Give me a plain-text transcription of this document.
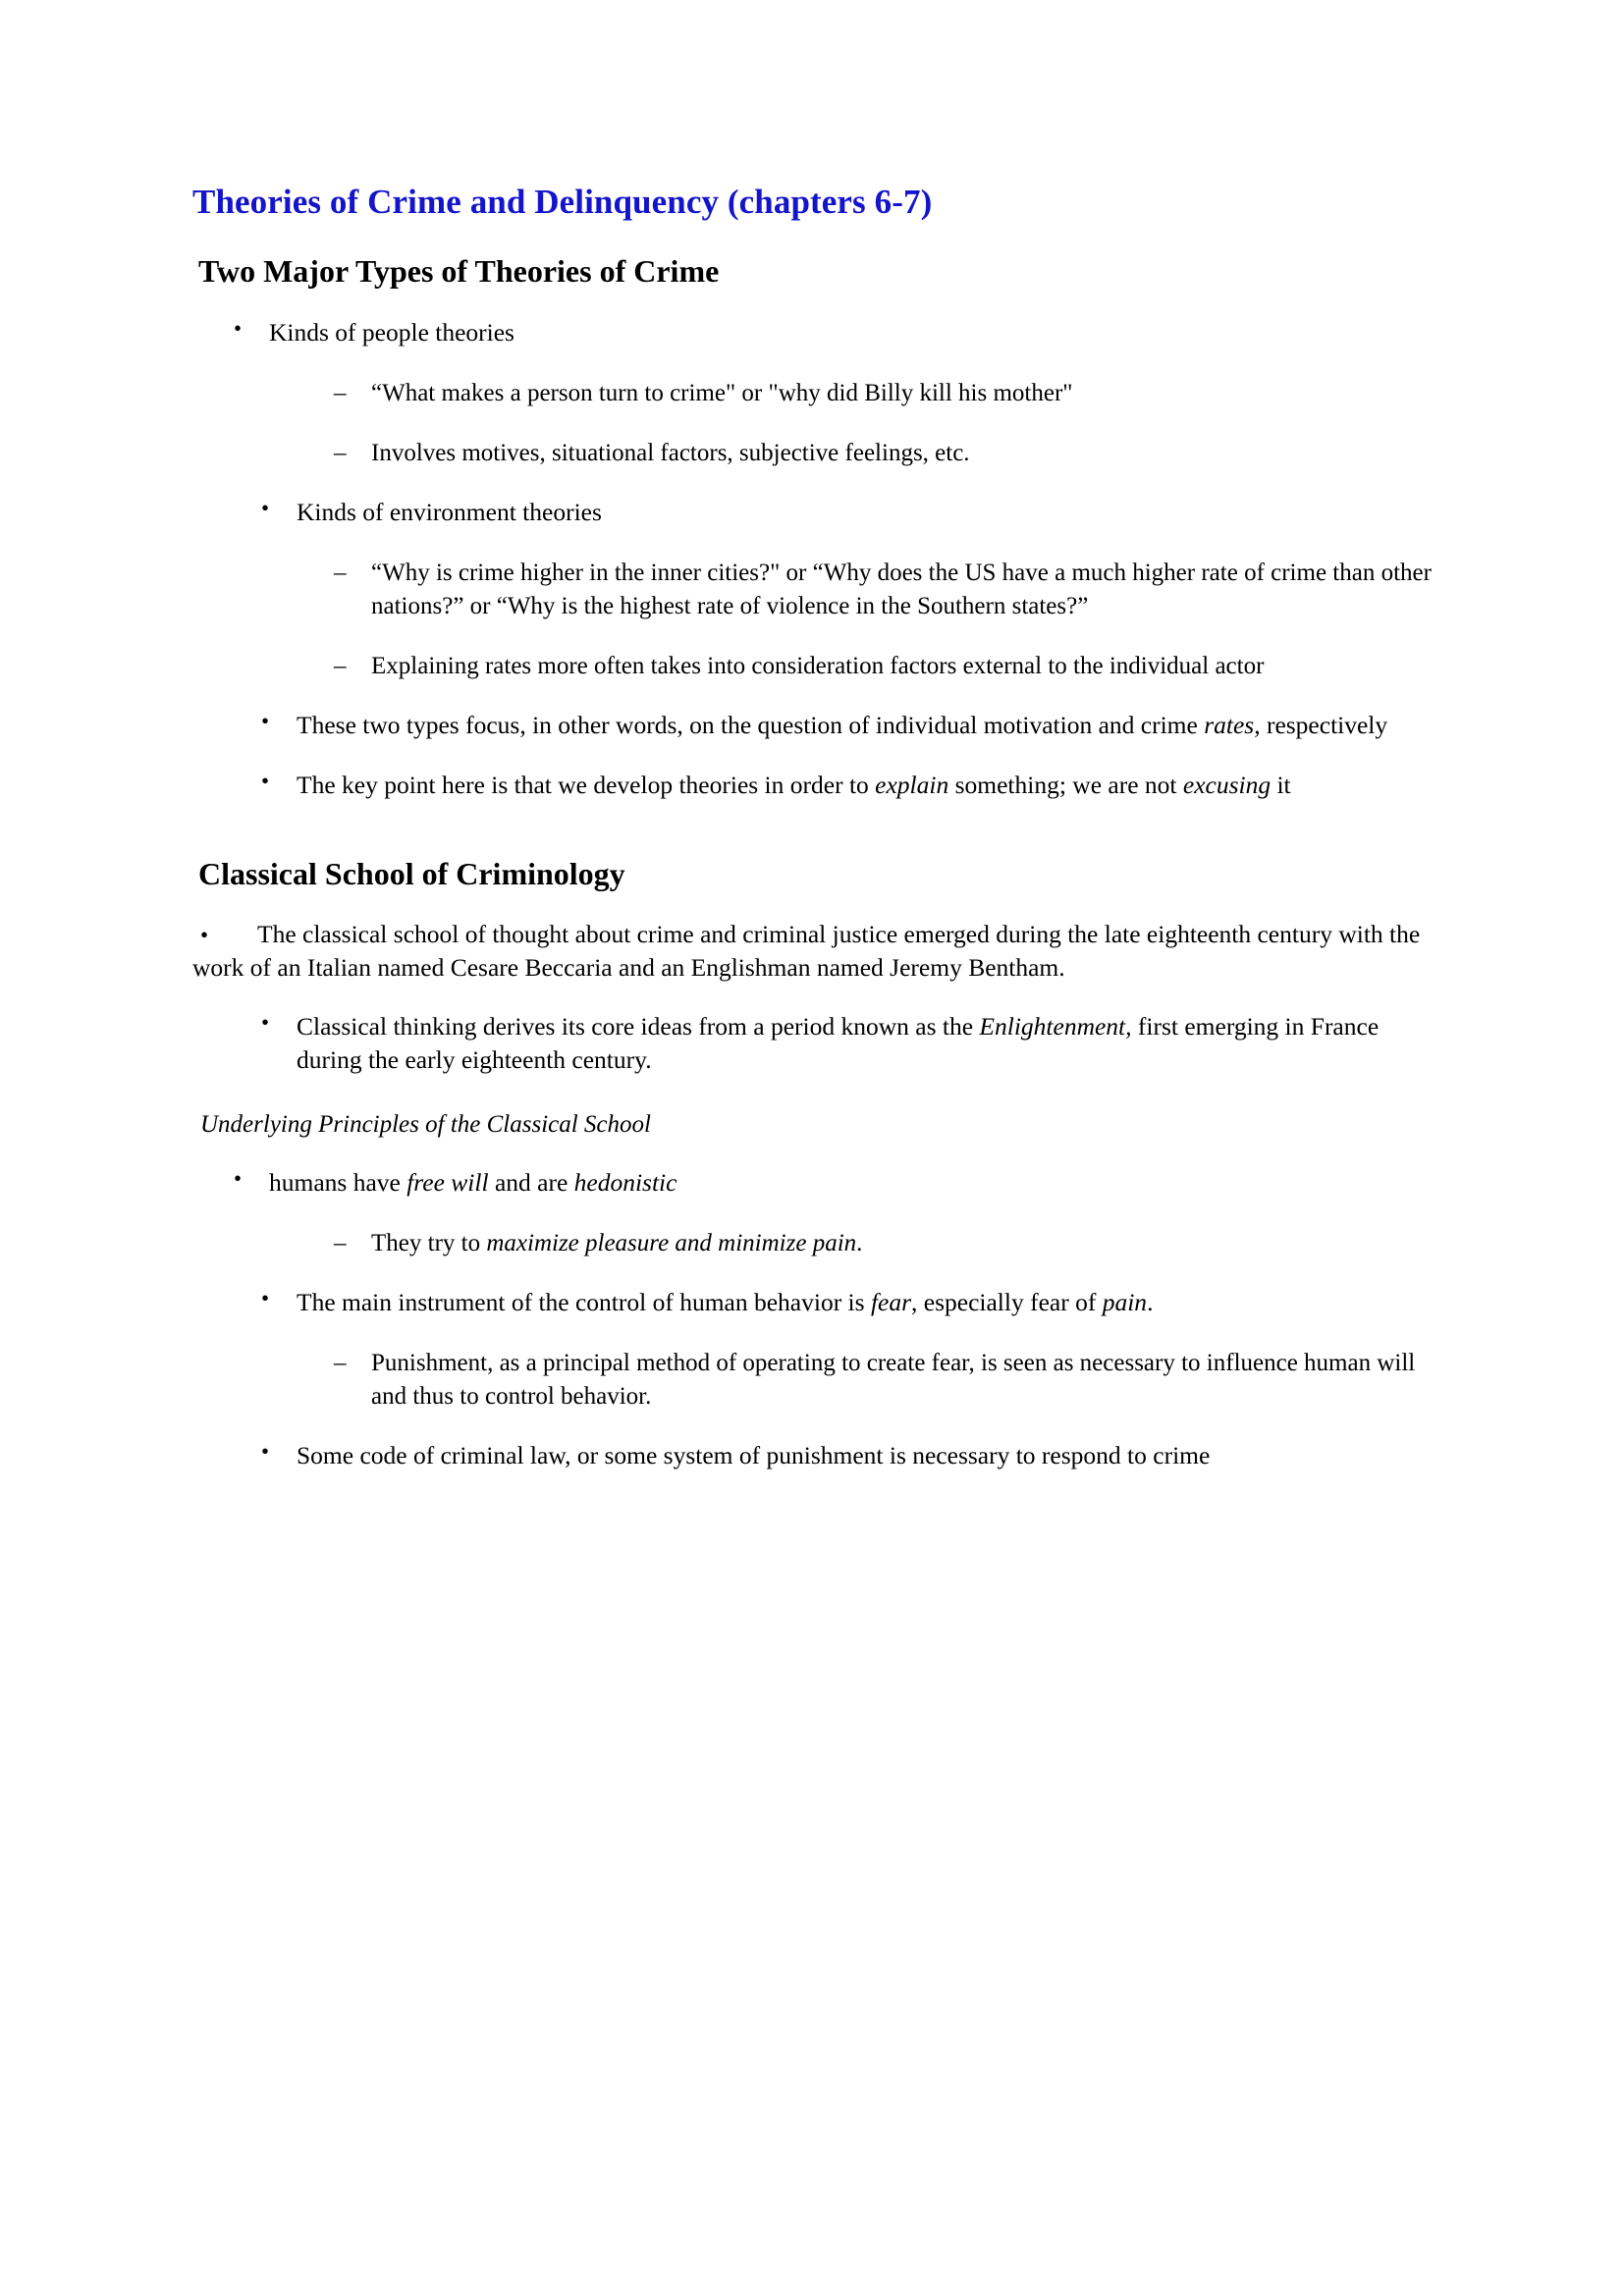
Theories of Crime and Delinquency (chapters 6-7)
Two Major Types of Theories of Crime
• Kinds of people theories
– “What makes a person turn to crime" or "why did Billy kill his mother"
– Involves motives, situational factors, subjective feelings, etc.
• Kinds of environment theories
– “Why is crime higher in the inner cities?" or “Why does the US have a much higher rate of crime than other nations?” or “Why is the highest rate of violence in the Southern states?”
– Explaining rates more often takes into consideration factors external to the individual actor
• These two types focus, in other words, on the question of individual motivation and crime rates, respectively
• The key point here is that we develop theories in order to explain something; we are not excusing it
Classical School of Criminology
• The classical school of thought about crime and criminal justice emerged during the late eighteenth century with the work of an Italian named Cesare Beccaria and an Englishman named Jeremy Bentham.
• Classical thinking derives its core ideas from a period known as the Enlightenment, first emerging in France during the early eighteenth century.
Underlying Principles of the Classical School
• humans have free will and are hedonistic
– They try to maximize pleasure and minimize pain.
• The main instrument of the control of human behavior is fear, especially fear of pain.
– Punishment, as a principal method of operating to create fear, is seen as necessary to influence human will and thus to control behavior.
• Some code of criminal law, or some system of punishment is necessary to respond to crime
